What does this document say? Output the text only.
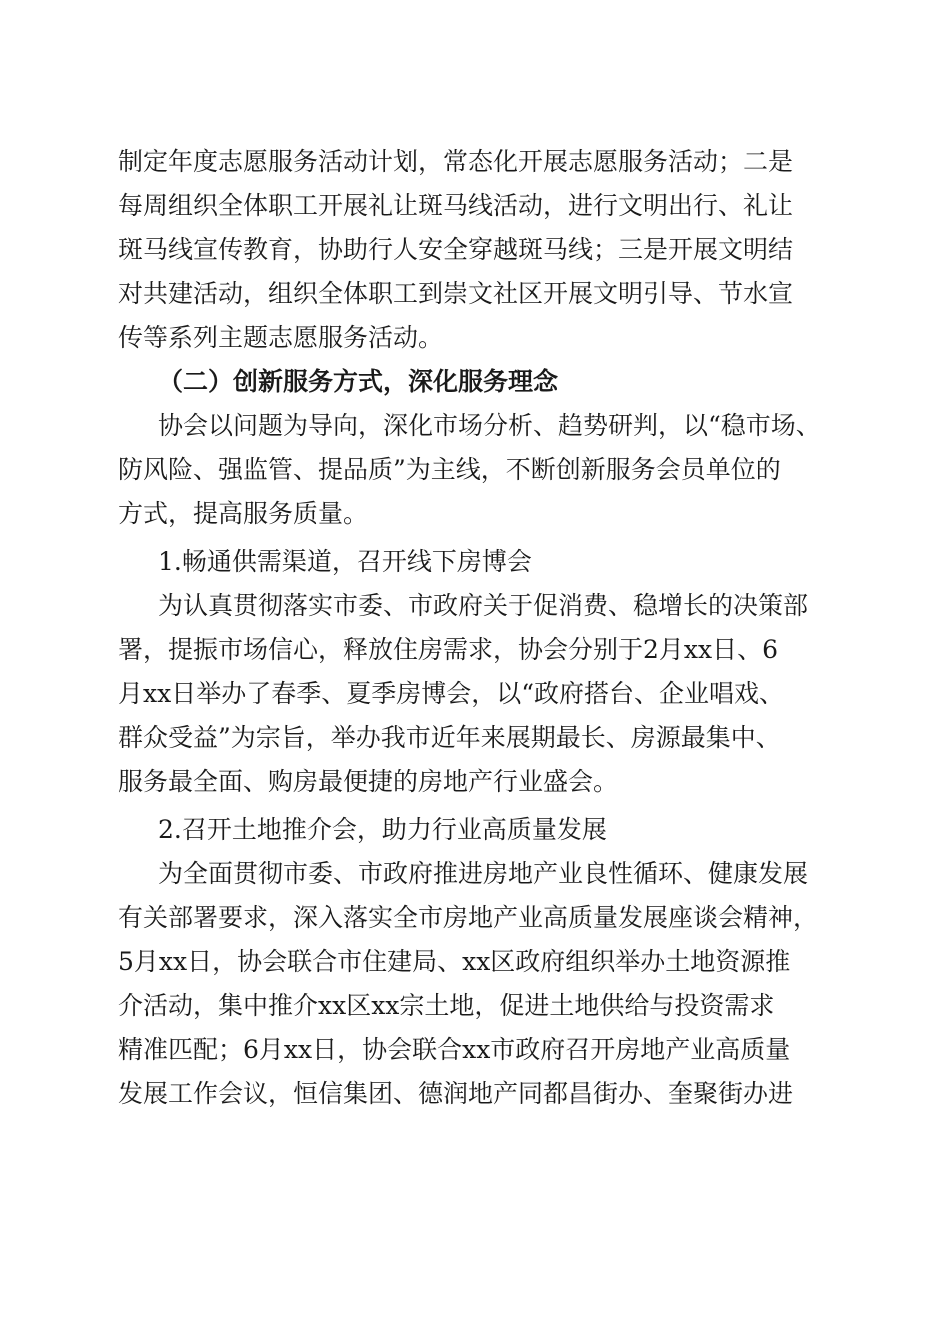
制定年度志愿服务活动计划，常态化开展志愿服务活动；二是
每周组织全体职工开展礼让斑马线活动，进行文明出行、礼让
斑马线宣传教育，协助行人安全穿越斑马线；三是开展文明结
对共建活动，组织全体职工到崇文社区开展文明引导、节水宣
传等系列主题志愿服务活动。
（二）创新服务方式，深化服务理念
协会以问题为导向，深化市场分析、趋势研判，以“稳市场、
防风险、强监管、提品质”为主线，不断创新服务会员单位的
方式，提高服务质量。
1.畅通供需渠道，召开线下房博会
为认真贯彻落实市委、市政府关于促消费、稳增长的决策部
署，提振市场信心，释放住房需求，协会分别于2月xx日、6
月xx日举办了春季、夏季房博会，以“政府搭台、企业唱戏、
群众受益”为宗旨，举办我市近年来展期最长、房源最集中、
服务最全面、购房最便捷的房地产行业盛会。
2.召开土地推介会，助力行业高质量发展
为全面贯彻市委、市政府推进房地产业良性循环、健康发展
有关部署要求，深入落实全市房地产业高质量发展座谈会精神，
5月xx日，协会联合市住建局、xx区政府组织举办土地资源推
介活动，集中推介xx区xx宗土地，促进土地供给与投资需求
精准匹配；6月xx日，协会联合xx市政府召开房地产业高质量
发展工作会议，恒信集团、德润地产同都昌街办、奎聚街办进
